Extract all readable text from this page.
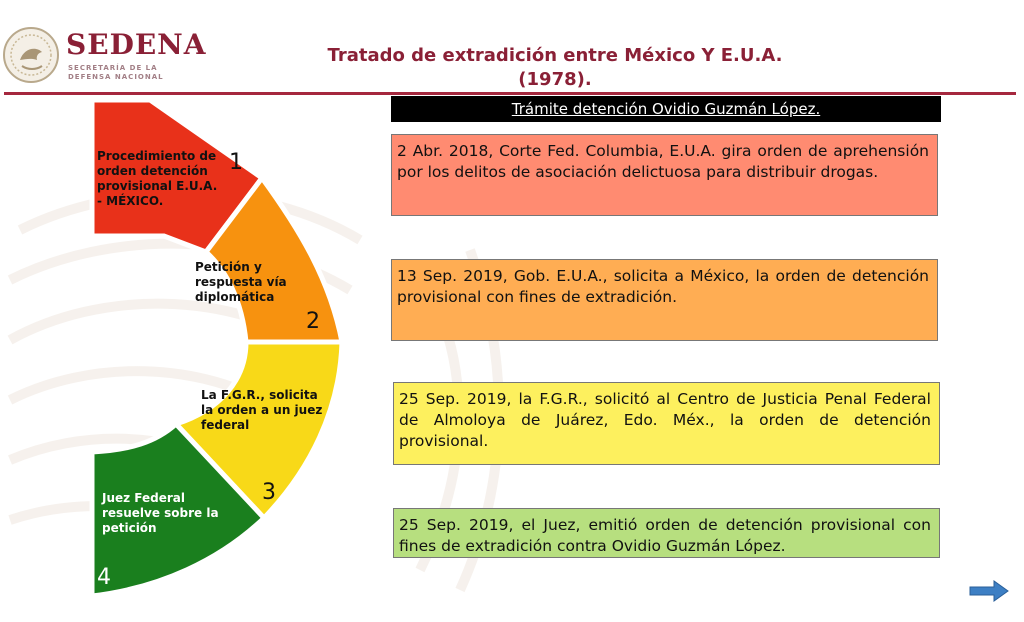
SEDENA
SECRETARÍA DE LA
DEFENSA NACIONAL
Tratado de extradición entre México Y E.U.A.
(1978).
Procedimiento de orden detención provisional E.U.A. - MÉXICO.
1
Petición y respuesta vía diplomática
2
La F.G.R., solicita la orden a un juez federal
3
Juez Federal resuelve sobre la petición
4
Trámite detención Ovidio Guzmán López.
2 Abr. 2018, Corte Fed. Columbia, E.U.A. gira orden de aprehensión por los delitos de asociación delictuosa para distribuir drogas.
13 Sep. 2019, Gob. E.U.A., solicita a México, la orden de detención provisional con fines de extradición.
25 Sep. 2019, la F.G.R., solicitó al Centro de Justicia Penal Federal de Almoloya de Juárez, Edo. Méx., la orden de detención provisional.
25 Sep. 2019, el Juez, emitió orden de detención provisional con fines de extradición contra Ovidio Guzmán López.
